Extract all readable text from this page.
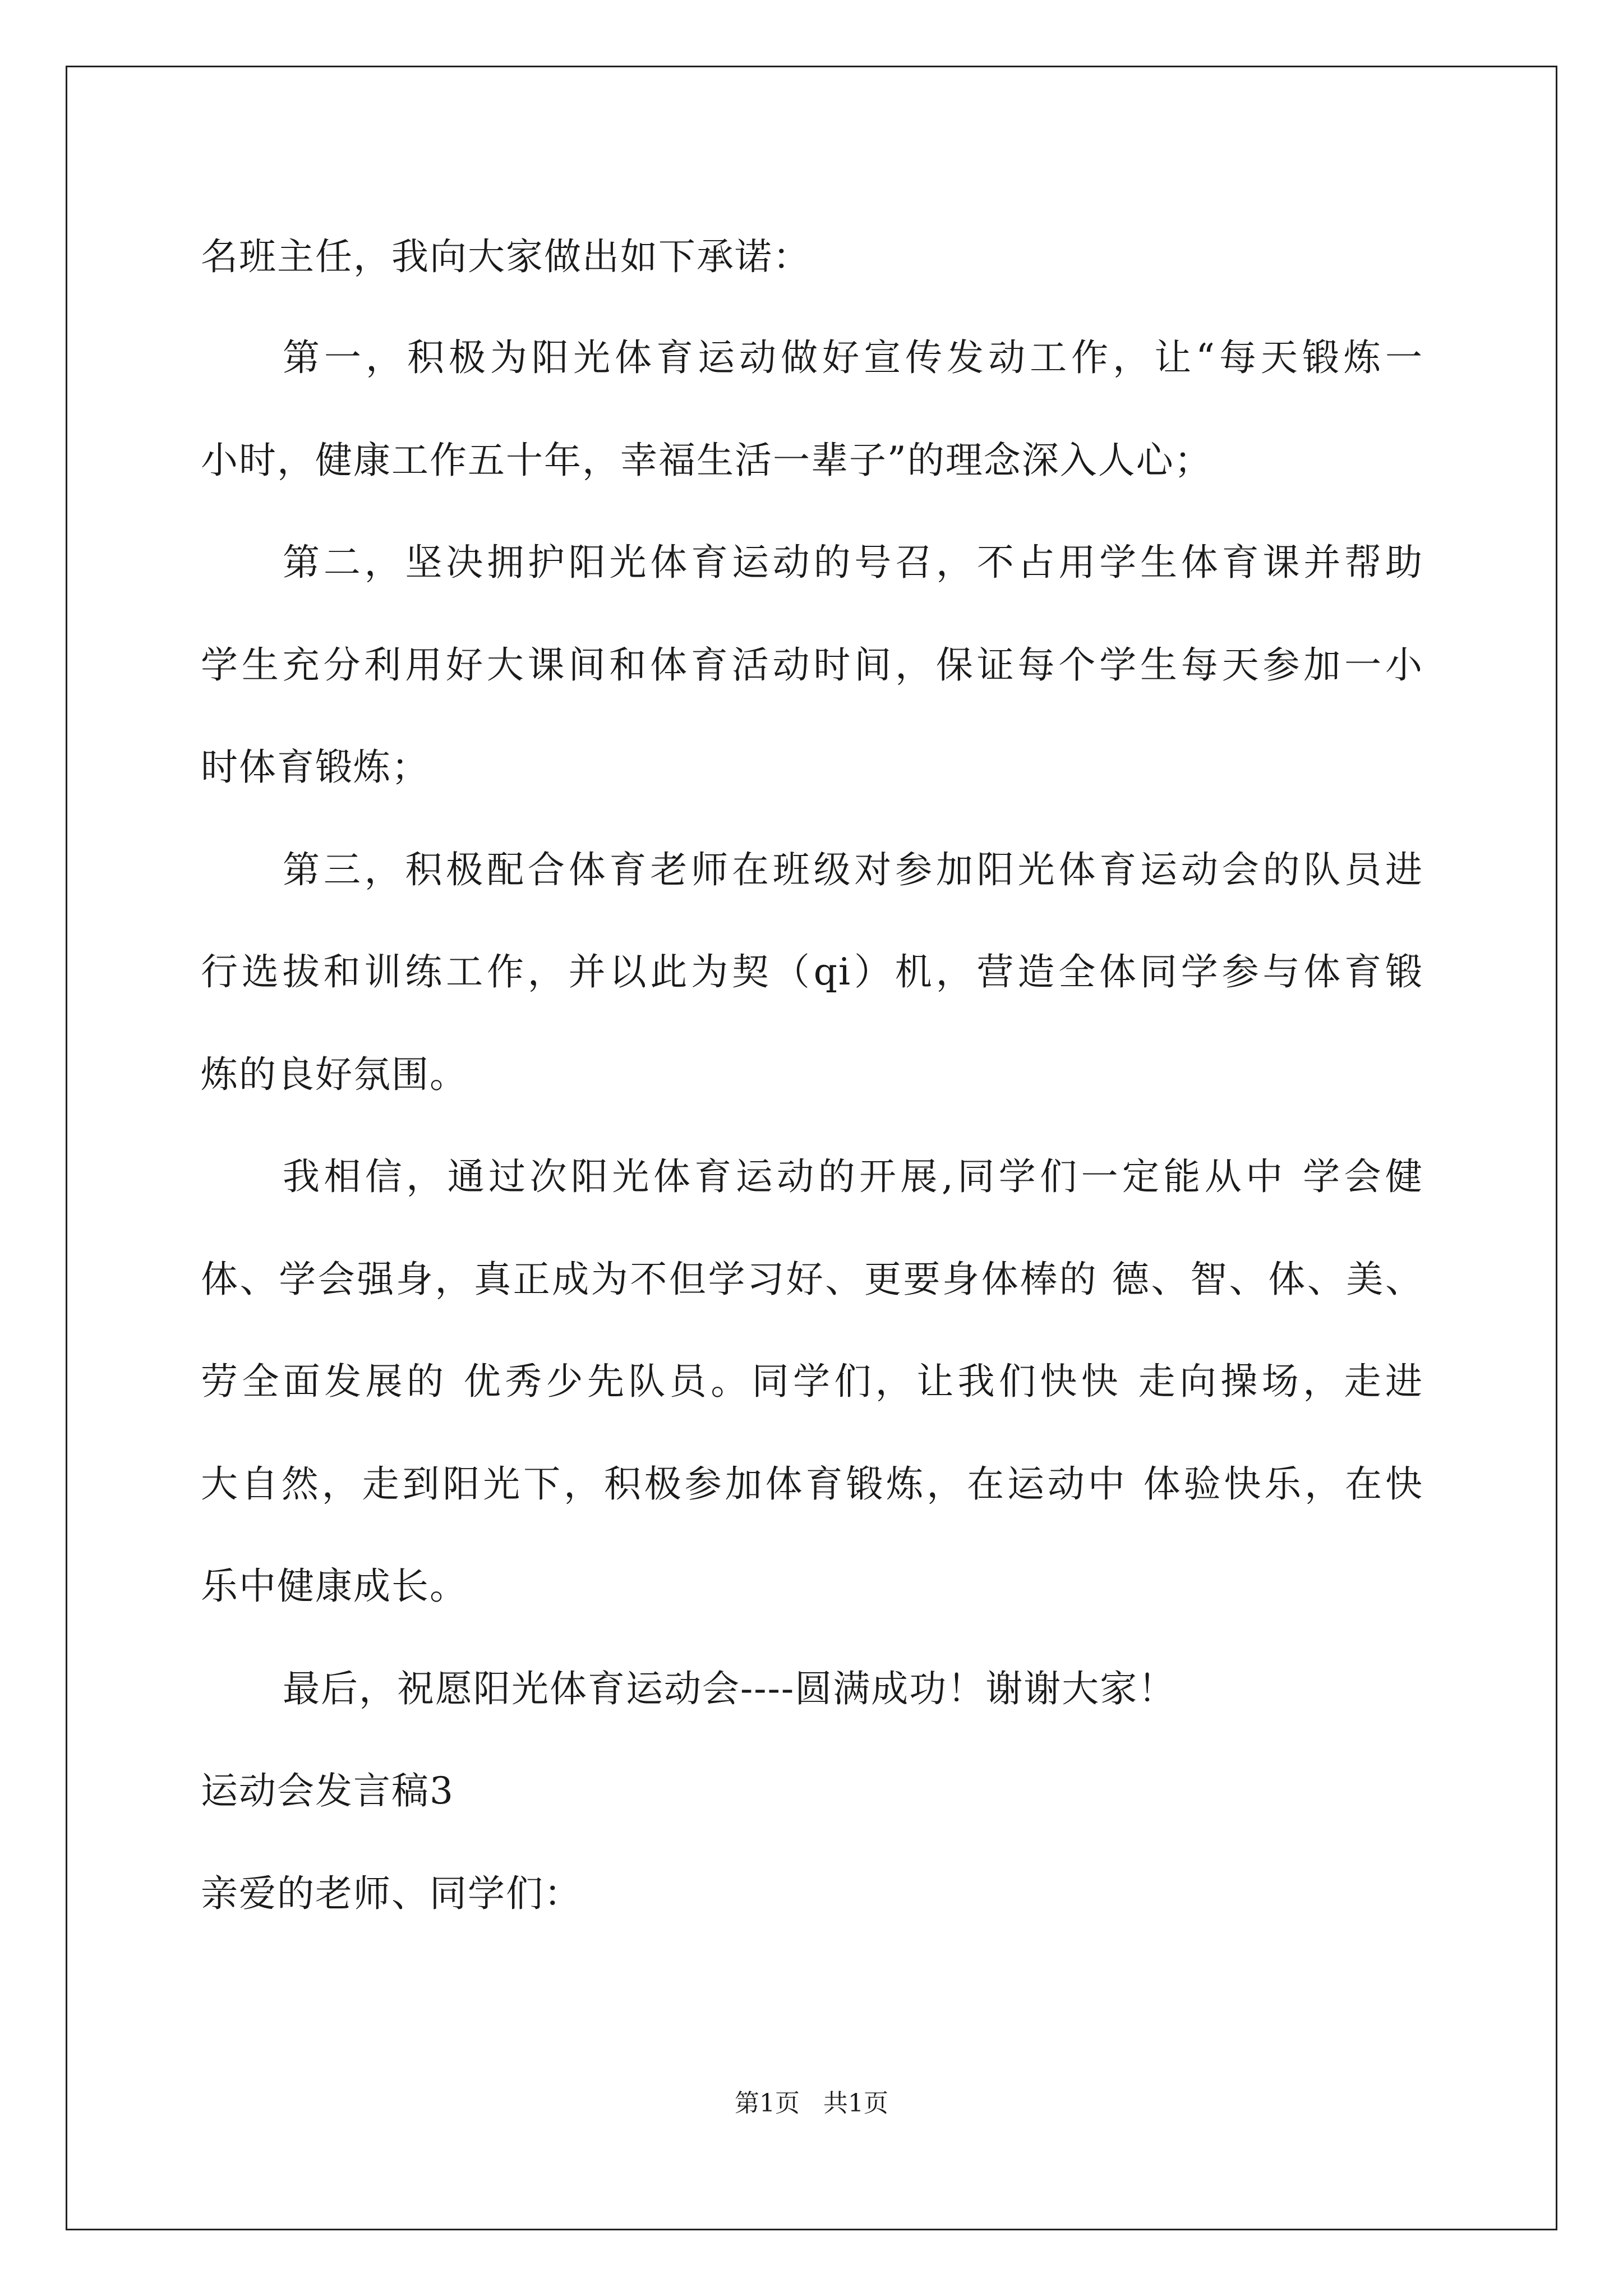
名班主任，我向大家做出如下承诺：
第一，积极为阳光体育运动做好宣传发动工作，让“每天锻炼一
小时，健康工作五十年，幸福生活一辈子”的理念深入人心；
第二，坚决拥护阳光体育运动的号召，不占用学生体育课并帮助
学生充分利用好大课间和体育活动时间，保证每个学生每天参加一小
时体育锻炼；
第三，积极配合体育老师在班级对参加阳光体育运动会的队员进
行选拔和训练工作，并以此为契（qi）机，营造全体同学参与体育锻
炼的良好氛围。
我相信，通过次阳光体育运动的开展,同学们一定能从中 学会健
体、学会强身，真正成为不但学习好、更要身体棒的 德、智、体、美、
劳全面发展的 优秀少先队员。同学们，让我们快快 走向操场，走进
大自然，走到阳光下，积极参加体育锻炼，在运动中 体验快乐，在快
乐中健康成长。
最后，祝愿阳光体育运动会----圆满成功！谢谢大家！
运动会发言稿3
亲爱的老师、同学们：
第1页   共1页
